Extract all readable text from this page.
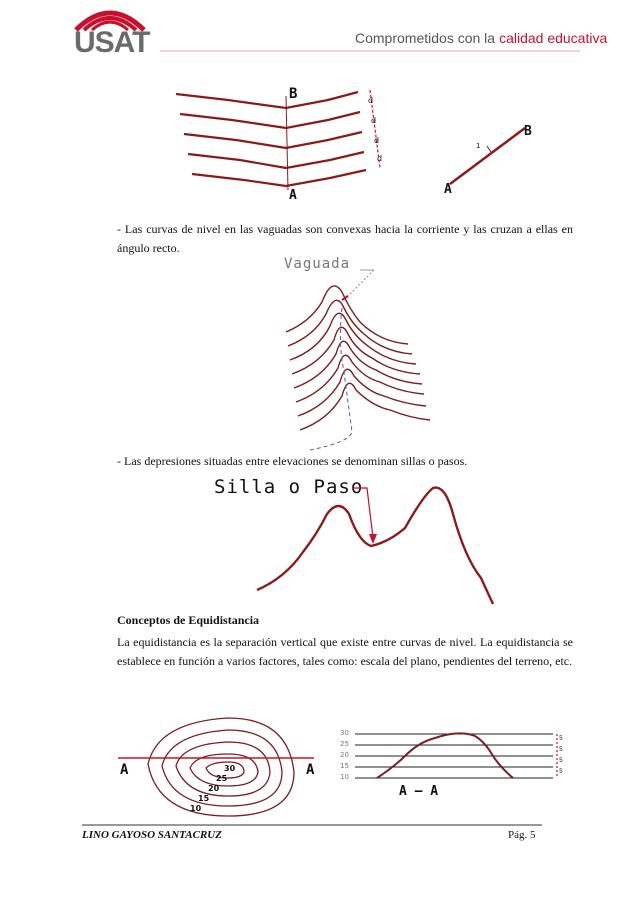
USAT	Comprometidos con la calidad educativa
B
A
d
d
d
d
B
A
1
- Las curvas de nivel en las vaguadas son convexas hacia la corriente y las cruzan a ellas en ángulo recto.
Vaguada
- Las depresiones situadas entre elevaciones se denominan sillas o pasos.
Silla o Paso
Conceptos de Equidistancia
La equidistancia es la separación vertical que existe entre curvas de nivel. La equidistancia se establece en función a varios factores, tales como: escala del plano, pendientes del terreno, etc.
A	A
30
25
20
15
10
30
25
20
15
10
5
5
5
5
A – A
LINO GAYOSO SANTACRUZ	Pág. 5
